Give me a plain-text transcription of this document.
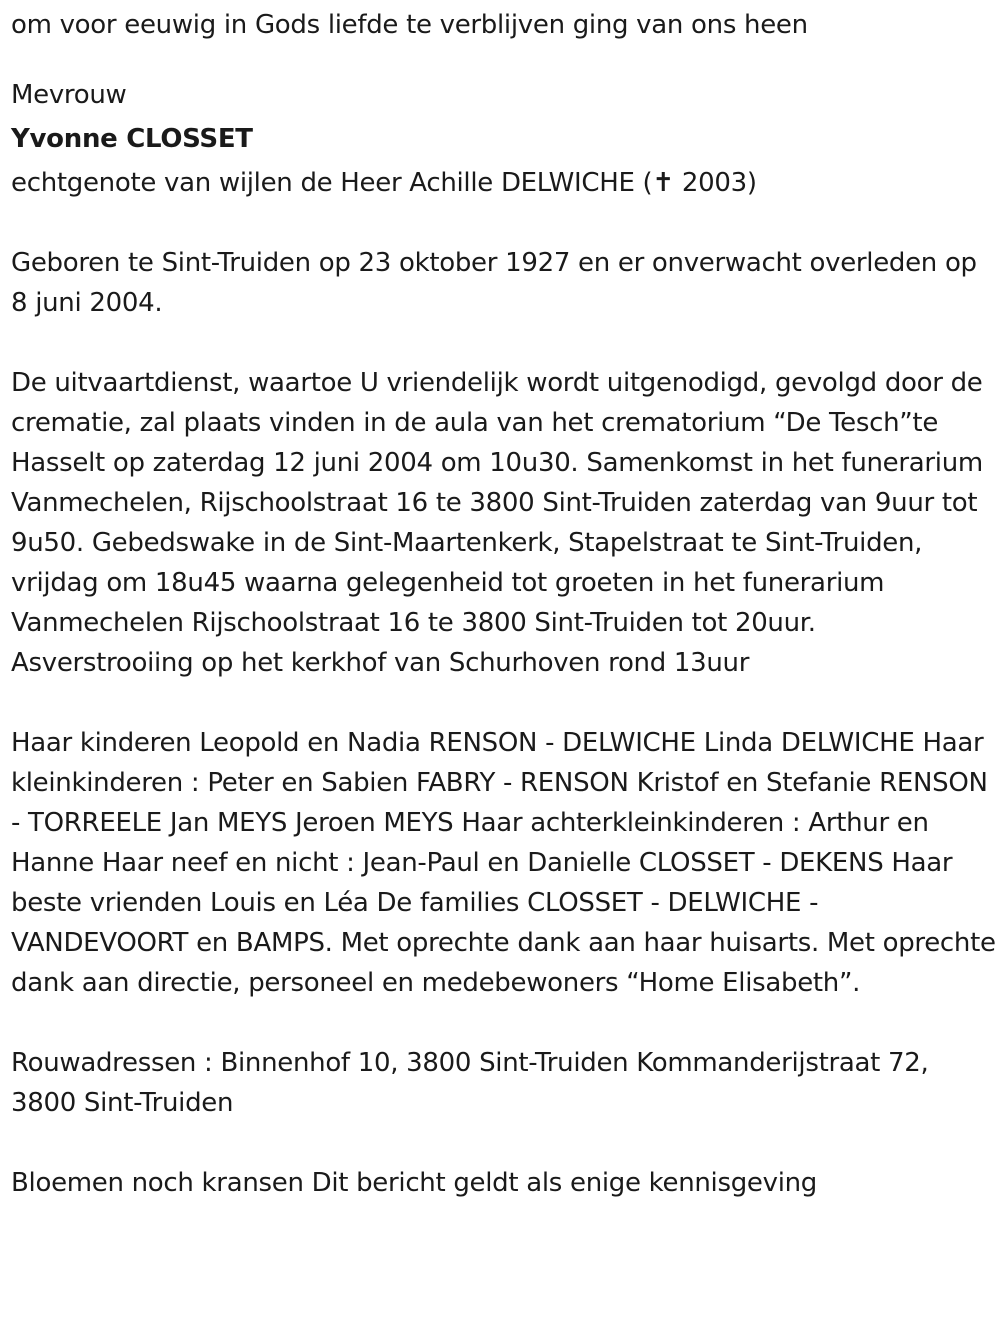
om voor eeuwig in Gods liefde te verblijven ging van ons heen
Mevrouw
Yvonne CLOSSET
echtgenote van wijlen de Heer Achille DELWICHE (✝ 2003)

Geboren te Sint-Truiden op 23 oktober 1927 en er onverwacht overleden op 8 juni 2004.

De uitvaartdienst, waartoe U vriendelijk wordt uitgenodigd, gevolgd door de crematie, zal plaats vinden in de aula van het crematorium “De Tesch”te Hasselt op zaterdag 12 juni 2004 om 10u30. Samenkomst in het funerarium Vanmechelen, Rijschoolstraat 16 te 3800 Sint-Truiden zaterdag van 9uur tot 9u50. Gebedswake in de Sint-Maartenkerk, Stapelstraat te Sint-Truiden, vrijdag om 18u45 waarna gelegenheid tot groeten in het funerarium Vanmechelen Rijschoolstraat 16 te 3800 Sint-Truiden tot 20uur. Asverstrooiing op het kerkhof van Schurhoven rond 13uur

Haar kinderen Leopold en Nadia RENSON - DELWICHE Linda DELWICHE Haar kleinkinderen : Peter en Sabien FABRY - RENSON Kristof en Stefanie RENSON - TORREELE Jan MEYS Jeroen MEYS Haar achterkleinkinderen : Arthur en Hanne Haar neef en nicht : Jean-Paul en Danielle CLOSSET - DEKENS Haar beste vrienden Louis en Léa De families CLOSSET - DELWICHE - VANDEVOORT en BAMPS. Met oprechte dank aan haar huisarts. Met oprechte dank aan directie, personeel en medebewoners “Home Elisabeth”.

Rouwadressen : Binnenhof 10, 3800 Sint-Truiden Kommanderijstraat 72, 3800 Sint-Truiden

Bloemen noch kransen Dit bericht geldt als enige kennisgeving
